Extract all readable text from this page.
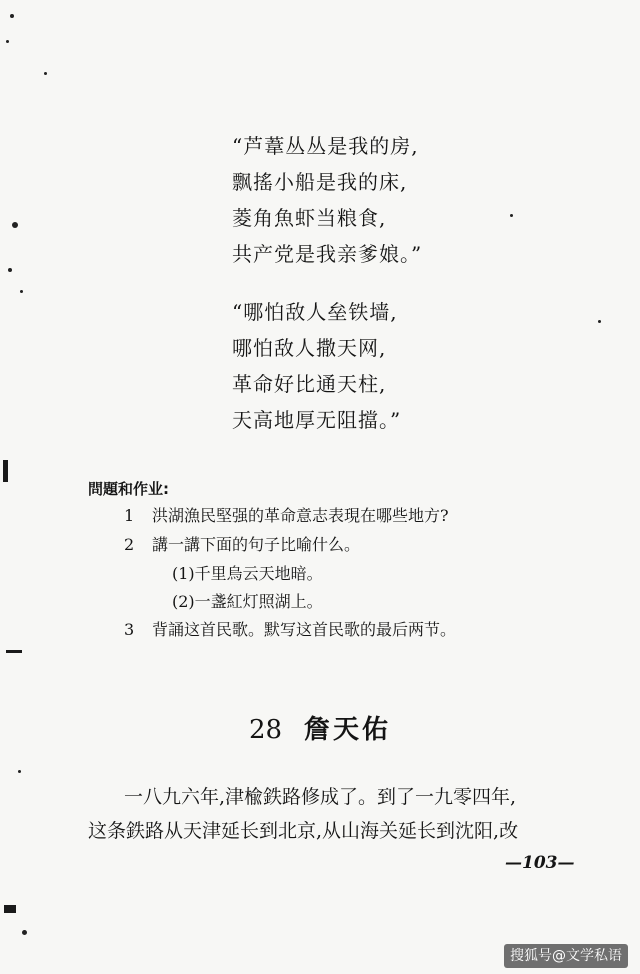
“芦葦丛丛是我的房,
飘搖小船是我的床,
菱角魚虾当粮食,
共产党是我亲爹娘。”
“哪怕敌人垒铁墙,
哪怕敌人撒天网,
革命好比通天柱,
天高地厚无阻擋。”
問題和作业:
1 洪湖漁民堅强的革命意志表現在哪些地方?
2 講一講下面的句子比喻什么。
(1)千里烏云天地暗。
(2)一盞紅灯照湖上。
3 背誦这首民歌。默写这首民歌的最后两节。
28 詹天佑
一八九六年,津楡鉄路修成了。到了一九零四年,
这条鉄路从天津延长到北京,从山海关延长到沈阳,改
—103—
搜狐号@文学私语
